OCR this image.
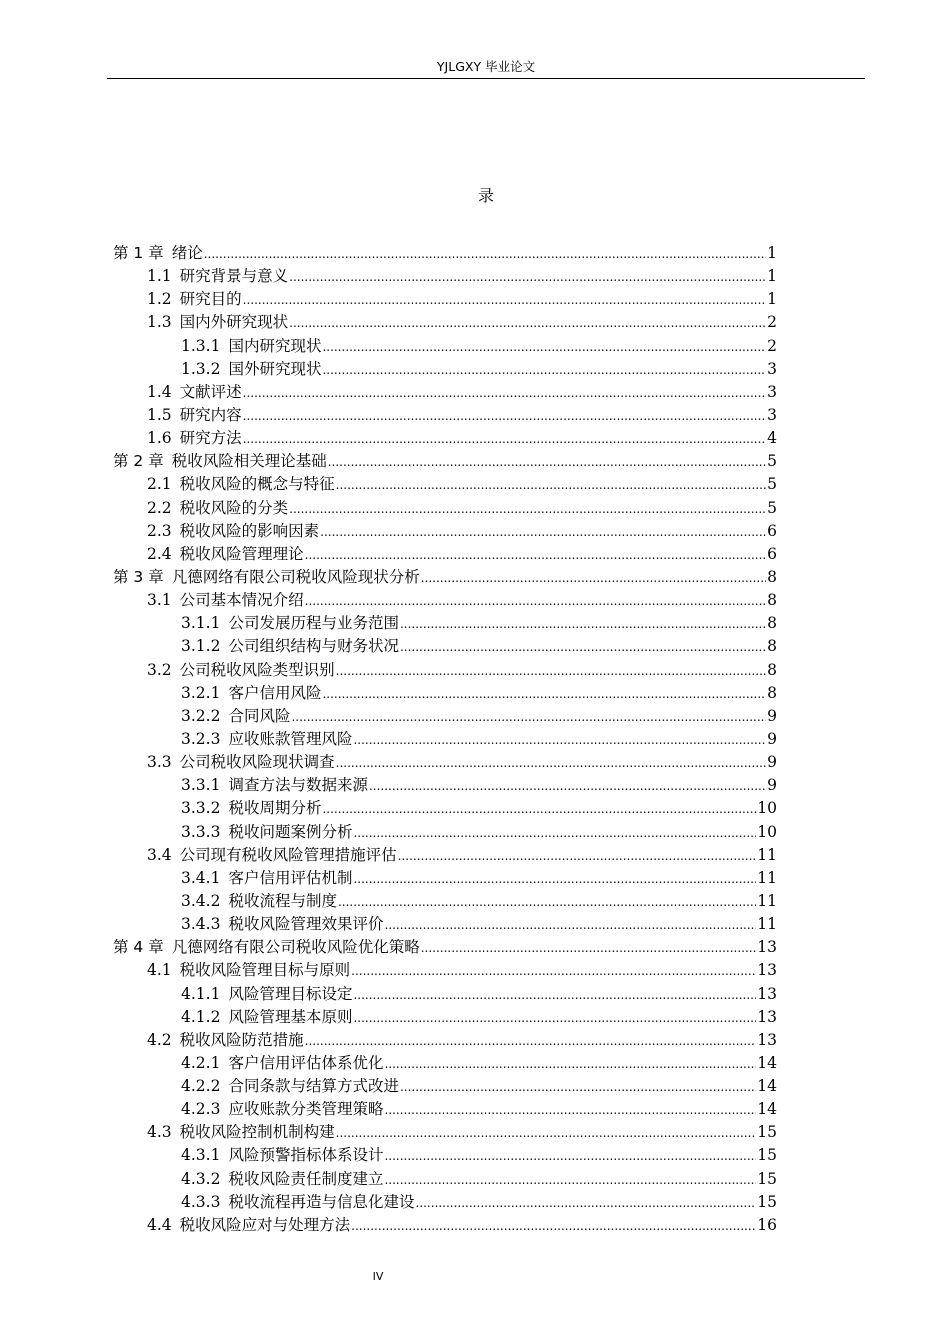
YJLGXY 毕业论文
录
第 1 章 绪论 .....	1
1.1 研究背景与意义 .....	1
1.2 研究目的 .....	1
1.3 国内外研究现状 .....	2
1.3.1 国内研究现状 .....	2
1.3.2 国外研究现状 .....	3
1.4 文献评述 .....	3
1.5 研究内容 .....	3
1.6 研究方法 .....	4
第 2 章 税收风险相关理论基础 .....	5
2.1 税收风险的概念与特征 .....	5
2.2 税收风险的分类 .....	5
2.3 税收风险的影响因素 .....	6
2.4 税收风险管理理论 .....	6
第 3 章 凡德网络有限公司税收风险现状分析 .....	8
3.1 公司基本情况介绍 .....	8
3.1.1 公司发展历程与业务范围 .....	8
3.1.2 公司组织结构与财务状况 .....	8
3.2 公司税收风险类型识别 .....	8
3.2.1 客户信用风险 .....	8
3.2.2 合同风险 .....	9
3.2.3 应收账款管理风险 .....	9
3.3 公司税收风险现状调查 .....	9
3.3.1 调查方法与数据来源 .....	9
3.3.2 税收周期分析 .....	10
3.3.3 税收问题案例分析 .....	10
3.4 公司现有税收风险管理措施评估 .....	11
3.4.1 客户信用评估机制 .....	11
3.4.2 税收流程与制度 .....	11
3.4.3 税收风险管理效果评价 .....	11
第 4 章 凡德网络有限公司税收风险优化策略 .....	13
4.1 税收风险管理目标与原则 .....	13
4.1.1 风险管理目标设定 .....	13
4.1.2 风险管理基本原则 .....	13
4.2 税收风险防范措施 .....	13
4.2.1 客户信用评估体系优化 .....	14
4.2.2 合同条款与结算方式改进 .....	14
4.2.3 应收账款分类管理策略 .....	14
4.3 税收风险控制机制构建 .....	15
4.3.1 风险预警指标体系设计 .....	15
4.3.2 税收风险责任制度建立 .....	15
4.3.3 税收流程再造与信息化建设 .....	15
4.4 税收风险应对与处理方法 .....	16
IV
